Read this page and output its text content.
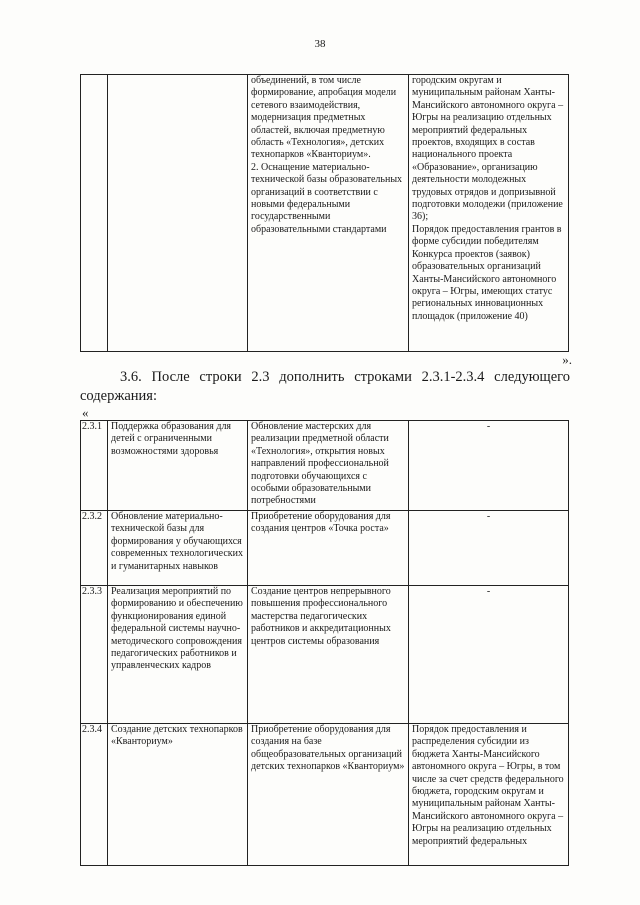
38
		объединений, в том числе формирование, апробация модели сетевого взаимодействия, модернизация предметных областей, включая предметную область «Технология», детских технопарков «Кванториум».
2. Оснащение материально-технической базы образовательных организаций в соответствии с новыми федеральными государственными образовательными стандартами	городским округам и муниципальным районам Ханты-Мансийского автономного округа – Югры на реализацию отдельных мероприятий федеральных проектов, входящих в состав национального проекта «Образование», организацию деятельности молодежных трудовых отрядов и допризывной подготовки молодежи (приложение 36);
Порядок предоставления грантов в форме субсидии победителям Конкурса проектов (заявок) образовательных организаций Ханты-Мансийского автономного округа – Югры, имеющих статус региональных инновационных площадок (приложение 40)
».
3.6. После строки 2.3 дополнить строками 2.3.1-2.3.4 следующего содержания:
«
2.3.1	Поддержка образования для детей с ограниченными возможностями здоровья	Обновление мастерских для реализации предметной области «Технология», открытия новых направлений профессиональной подготовки обучающихся с особыми образовательными потребностями	-
2.3.2	Обновление материально-технической базы для формирования у обучающихся современных технологических и гуманитарных навыков	Приобретение оборудования для создания центров «Точка роста»	-
2.3.3	Реализация мероприятий по формированию и обеспечению функционирования единой федеральной системы научно-методического сопровождения педагогических работников и управленческих кадров	Создание центров непрерывного повышения профессионального мастерства педагогических работников и аккредитационных центров системы образования	-
2.3.4	Создание детских технопарков «Кванториум»	Приобретение оборудования для создания на базе общеобразовательных организаций детских технопарков «Кванториум»	Порядок предоставления и распределения субсидии из бюджета Ханты-Мансийского автономного округа – Югры, в том числе за счет средств федерального бюджета, городским округам и муниципальным районам Ханты-Мансийского автономного округа – Югры на реализацию отдельных мероприятий федеральных
